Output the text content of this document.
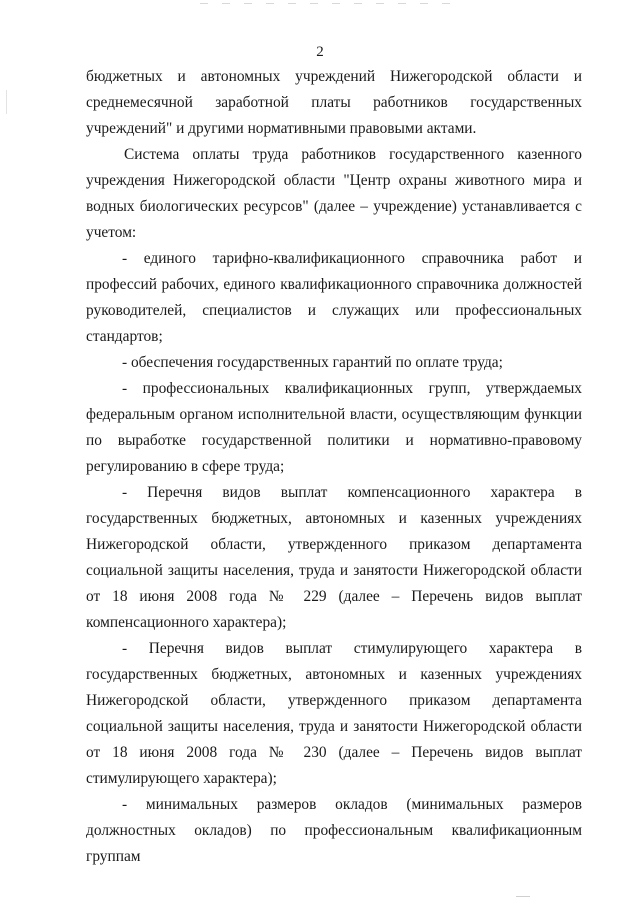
2

бюджетных и автономных учреждений Нижегородской области и среднемесячной заработной платы работников государственных учреждений" и другими нормативными правовыми актами.

Система оплаты труда работников государственного казенного учреждения Нижегородской области "Центр охраны животного мира и водных биологических ресурсов" (далее – учреждение) устанавливается с учетом:

- единого тарифно-квалификационного справочника работ и профессий рабочих, единого квалификационного справочника должностей руководителей, специалистов и служащих или профессиональных стандартов;

- обеспечения государственных гарантий по оплате труда;

- профессиональных квалификационных групп, утверждаемых федеральным органом исполнительной власти, осуществляющим функции по выработке государственной политики и нормативно-правовому регулированию в сфере труда;

- Перечня видов выплат компенсационного характера в государственных бюджетных, автономных и казенных учреждениях Нижегородской области, утвержденного приказом департамента социальной защиты населения, труда и занятости Нижегородской области от 18 июня 2008 года № 229 (далее – Перечень видов выплат компенсационного характера);

- Перечня видов выплат стимулирующего характера в государственных бюджетных, автономных и казенных учреждениях Нижегородской области, утвержденного приказом департамента социальной защиты населения, труда и занятости Нижегородской области от 18 июня 2008 года № 230 (далее – Перечень видов выплат стимулирующего характера);

- минимальных размеров окладов (минимальных размеров должностных окладов) по профессиональным квалификационным группам
